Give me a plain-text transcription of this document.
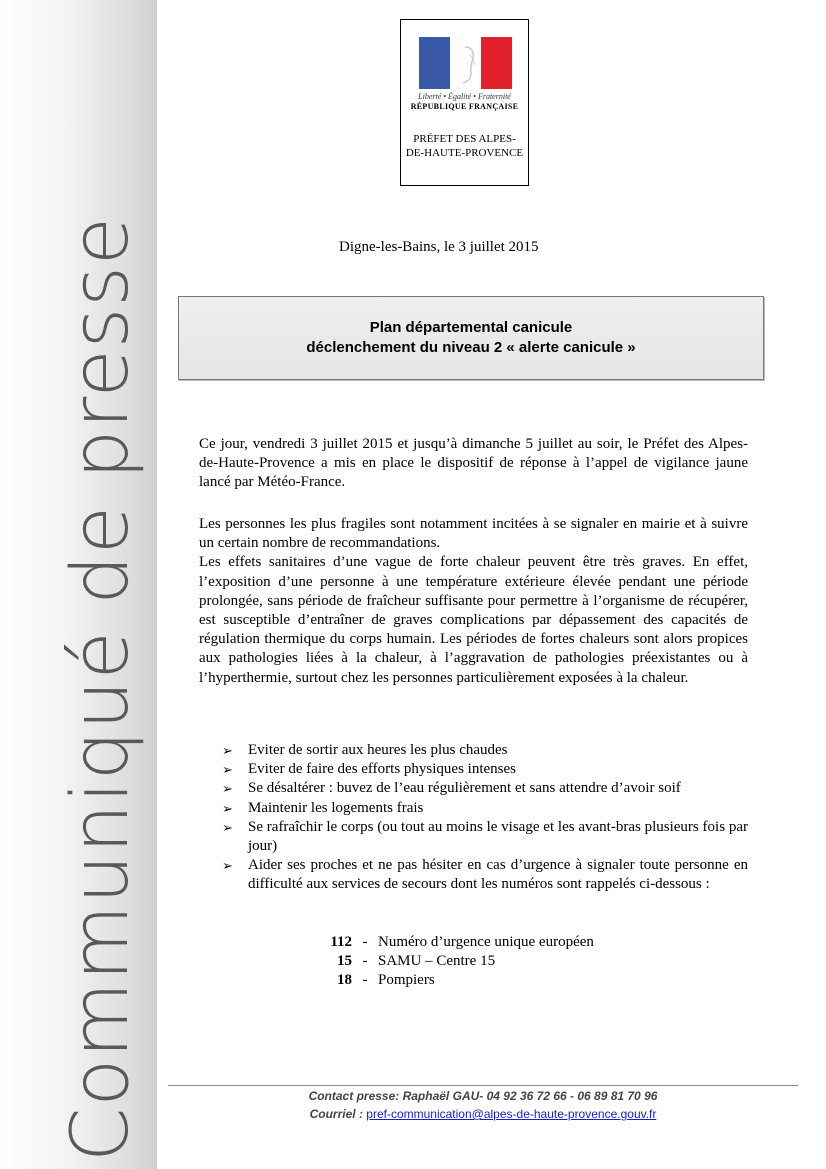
Communiqué de presse
Liberté • Égalité • Fraternité
RÉPUBLIQUE FRANÇAISE
PRÉFET DES ALPES-
DE-HAUTE-PROVENCE
Digne-les-Bains, le 3 juillet 2015
Plan départemental canicule
déclenchement du niveau 2 « alerte canicule »
Ce jour, vendredi 3 juillet 2015 et jusqu’à dimanche 5 juillet au soir, le Préfet des Alpes-de-Haute-Provence a mis en place le dispositif de réponse à l’appel de vigilance jaune lancé par Météo-France.
Les personnes les plus fragiles sont notamment incitées à se signaler en mairie et à suivre un certain nombre de recommandations.
Les effets sanitaires d’une vague de forte chaleur peuvent être très graves. En effet, l’exposition d’une personne à une température extérieure élevée pendant une période prolongée, sans période de fraîcheur suffisante pour permettre à l’organisme de récupérer, est susceptible d’entraîner de graves complications par dépassement des capacités de régulation thermique du corps humain. Les périodes de fortes chaleurs sont alors propices aux pathologies liées à la chaleur, à l’aggravation de pathologies préexistantes ou à l’hyperthermie, surtout chez les personnes particulièrement exposées à la chaleur.
➢ Eviter de sortir aux heures les plus chaudes
➢ Eviter de faire des efforts physiques intenses
➢ Se désaltérer : buvez de l’eau régulièrement et sans attendre d’avoir soif
➢ Maintenir les logements frais
➢ Se rafraîchir le corps (ou tout au moins le visage et les avant-bras plusieurs fois par jour)
➢ Aider ses proches et ne pas hésiter en cas d’urgence à signaler toute personne en difficulté aux services de secours dont les numéros sont rappelés ci-dessous :
112 - Numéro d’urgence unique européen
15 - SAMU – Centre 15
18 - Pompiers
Contact presse: Raphaël GAU- 04 92 36 72 66 - 06 89 81 70 96
Courriel : pref-communication@alpes-de-haute-provence.gouv.fr
